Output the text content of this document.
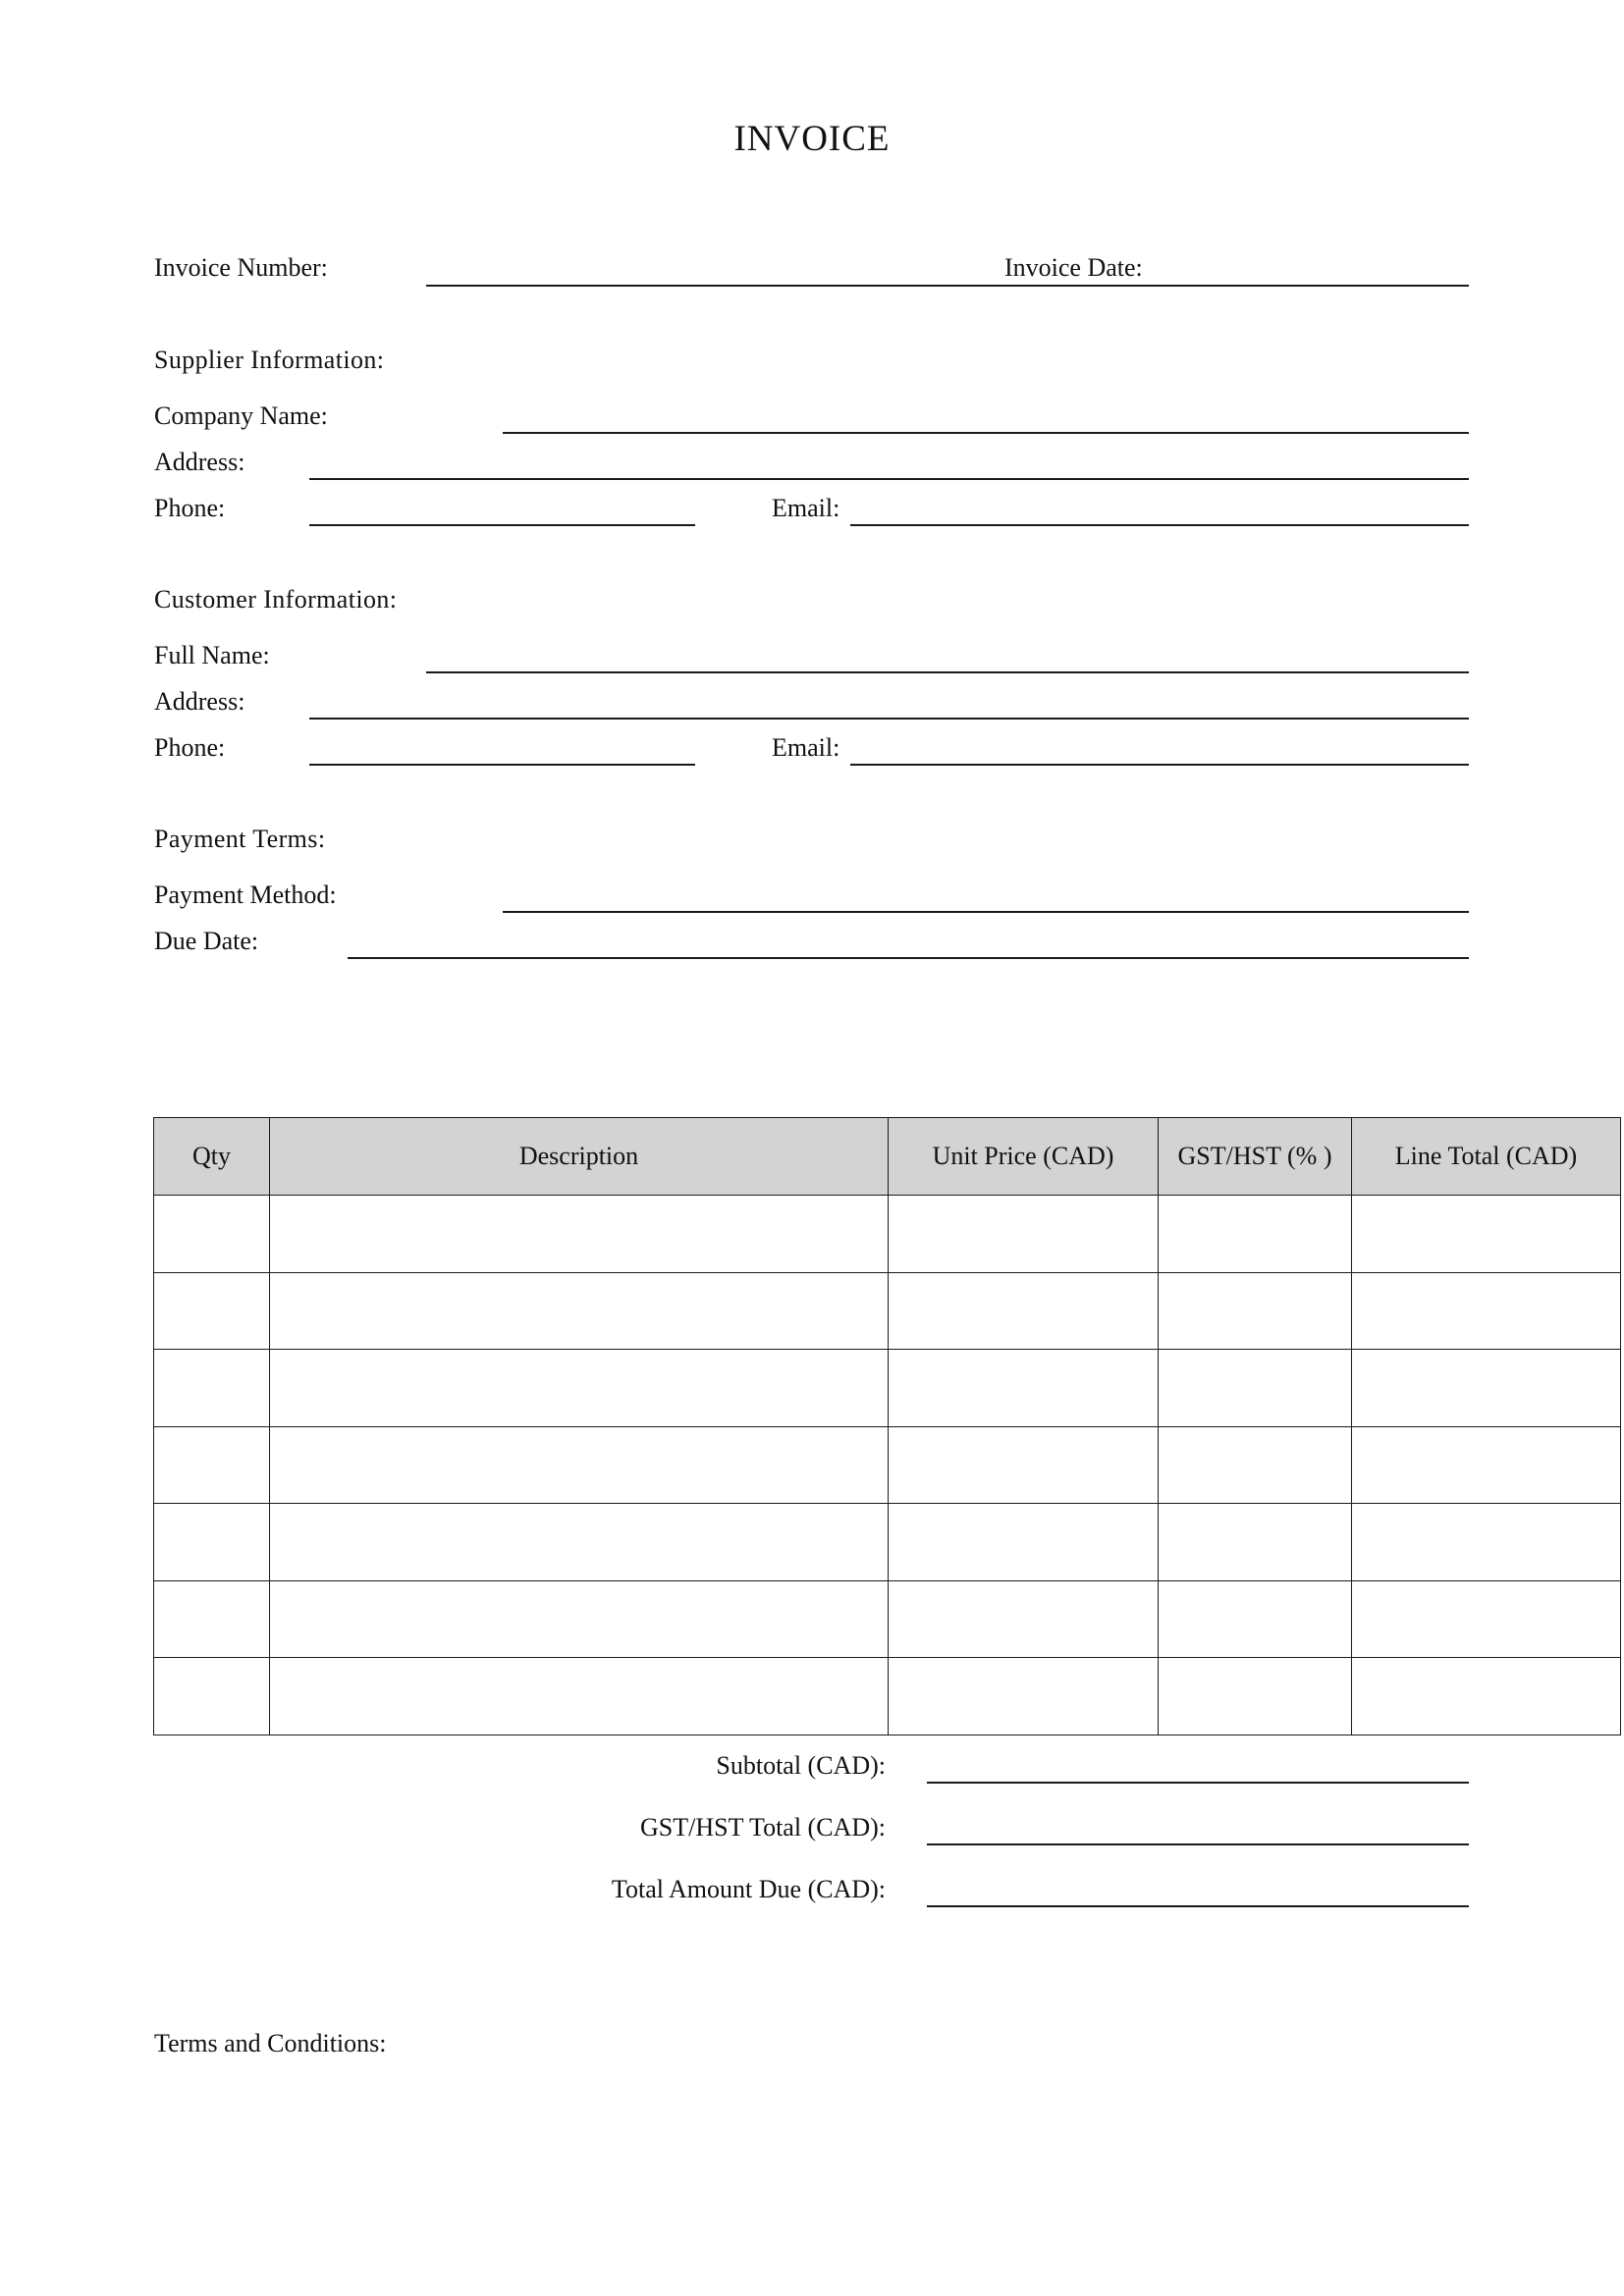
INVOICE
Invoice Number:	Invoice Date:
Supplier Information:
Company Name:
Address:
Phone:	Email:
Customer Information:
Full Name:
Address:
Phone:	Email:
Payment Terms:
Payment Method:
Due Date:
Qty	Description	Unit Price (CAD)	GST/HST (% )	Line Total (CAD)

Subtotal (CAD):
GST/HST Total (CAD):
Total Amount Due (CAD):
Terms and Conditions:
